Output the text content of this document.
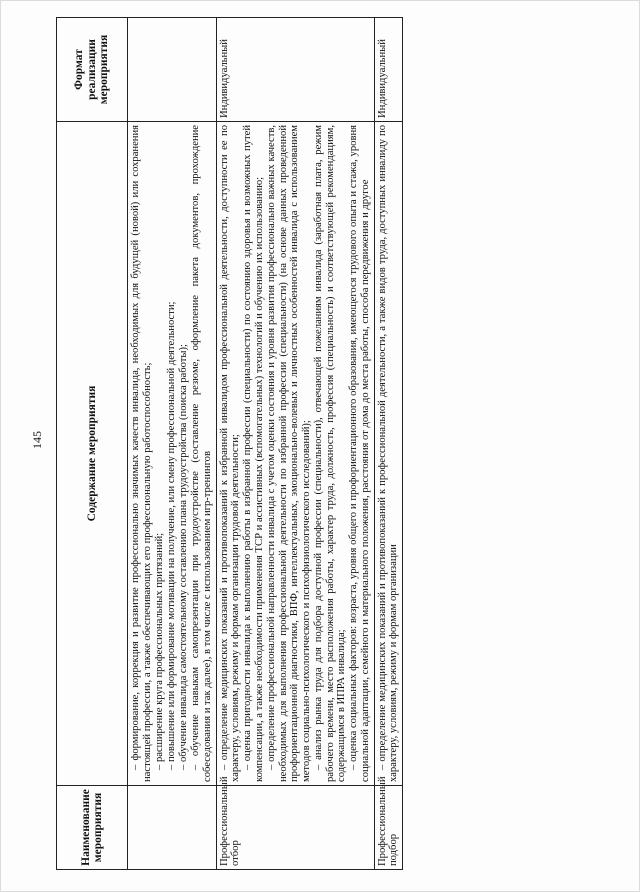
145
Наименование мероприятия	Содержание мероприятия	Формат реализации мероприятия

	– формирование, коррекция и развитие профессионально значимых качеств инвалида, необходимых для будущей (новой) или сохранения настоящей профессии, а также обеспечивающих его профессиональную работоспособность; – расширение круга профессиональных притязаний; – повышение или формирование мотивации на получение, или смену профессиональной деятельности; – обучение инвалида самостоятельному составлению плана трудоустройства (поиска работы); – обучение навыкам самопрезентации при трудоустройстве (составление резюме, оформление пакета документов, прохождение собеседования и так далее), в том числе с использованием игр-тренингов	

Профессиональный отбор	– определение медицинских показаний и противопоказаний к избранной инвалидом профессиональной деятельности, доступности ее по характеру, условиям, режиму и формам организации трудовой деятельности; – оценка пригодности инвалида к выполнению работы в избранной профессии (специальности) по состоянию здоровья и возможных путей компенсации, а также необходимости применения ТСР и ассистивных (вспомогательных) технологий и обучению их использованию; – определение профессиональной направленности инвалида с учетом оценки состояния и уровня развития профессионально важных качеств, необходимых для выполнения профессиональной деятельности по избранной профессии (специальности) (на основе данных проведенной профориентационной диагностики, ВПФ, интеллектуальных, эмоционально-волевых и личностных особенностей инвалида с использованием методов социально-психологического и психофизиологического исследований); – анализ рынка труда для подбора доступной профессии (специальности), отвечающей пожеланиям инвалида (заработная плата, режим рабочего времени, место расположения работы, характер труда, должность, профессия (специальность) и соответствующей рекомендациям, содержащимся в ИПРА инвалида; – оценка социальных факторов: возраста, уровня общего и профориентационного образования, имеющегося трудового опыта и стажа, уровня социальной адаптации, семейного и материального положения, расстояния от дома до места работы, способа передвижения и другое	Индивидуальный
Профессиональный подбор	– определение медицинских показаний и противопоказаний к профессиональной деятельности, а также видов труда, доступных инвалиду по характеру, условиям, режиму и формам организации	Индивидуальный
